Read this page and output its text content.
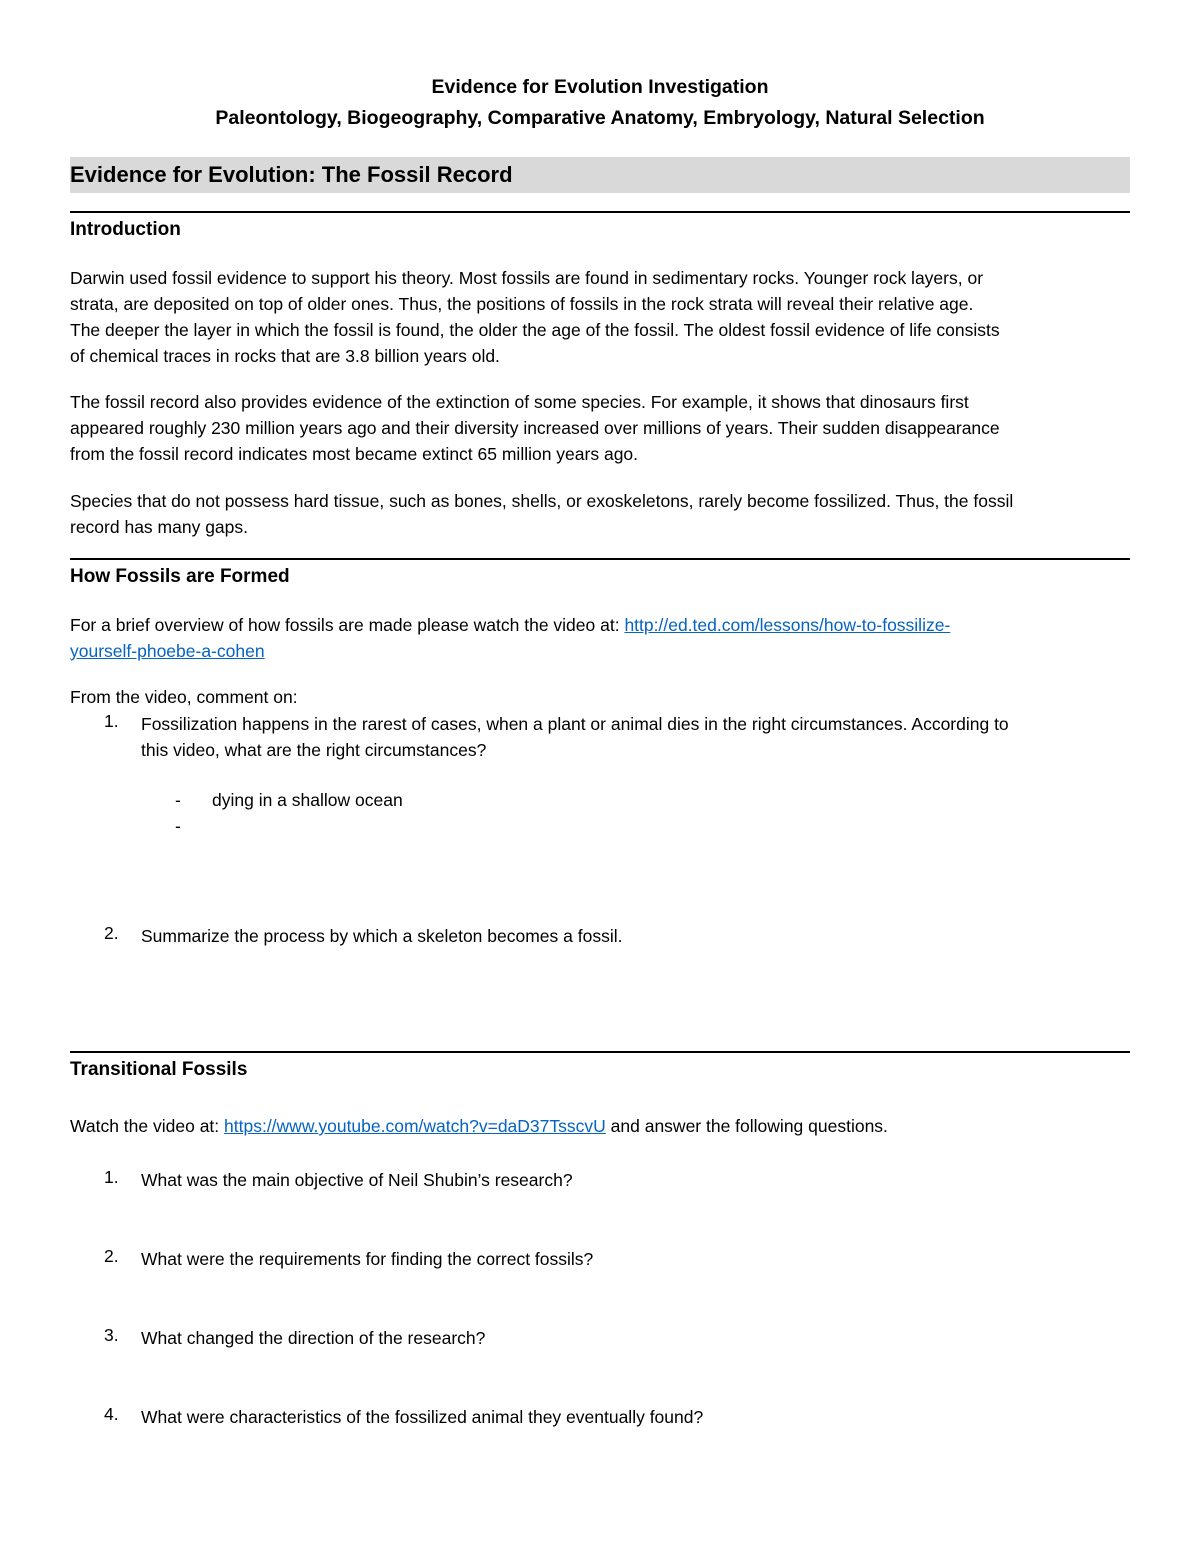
Evidence for Evolution Investigation
Paleontology, Biogeography, Comparative Anatomy, Embryology, Natural Selection
Evidence for Evolution: The Fossil Record
Introduction
Darwin used fossil evidence to support his theory. Most fossils are found in sedimentary rocks. Younger rock layers, or
strata, are deposited on top of older ones. Thus, the positions of fossils in the rock strata will reveal their relative age.
The deeper the layer in which the fossil is found, the older the age of the fossil. The oldest fossil evidence of life consists
of chemical traces in rocks that are 3.8 billion years old.
The fossil record also provides evidence of the extinction of some species. For example, it shows that dinosaurs first
appeared roughly 230 million years ago and their diversity increased over millions of years. Their sudden disappearance
from the fossil record indicates most became extinct 65 million years ago.
Species that do not possess hard tissue, such as bones, shells, or exoskeletons, rarely become fossilized. Thus, the fossil
record has many gaps.
How Fossils are Formed
For a brief overview of how fossils are made please watch the video at: http://ed.ted.com/lessons/how-to-fossilize-
yourself-phoebe-a-cohen
From the video, comment on:
1. Fossilization happens in the rarest of cases, when a plant or animal dies in the right circumstances. According to
this video, what are the right circumstances?
- dying in a shallow ocean
-
2. Summarize the process by which a skeleton becomes a fossil.
Transitional Fossils
Watch the video at: https://www.youtube.com/watch?v=daD37TsscvU and answer the following questions.
1. What was the main objective of Neil Shubin’s research?
2. What were the requirements for finding the correct fossils?
3. What changed the direction of the research?
4. What were characteristics of the fossilized animal they eventually found?
